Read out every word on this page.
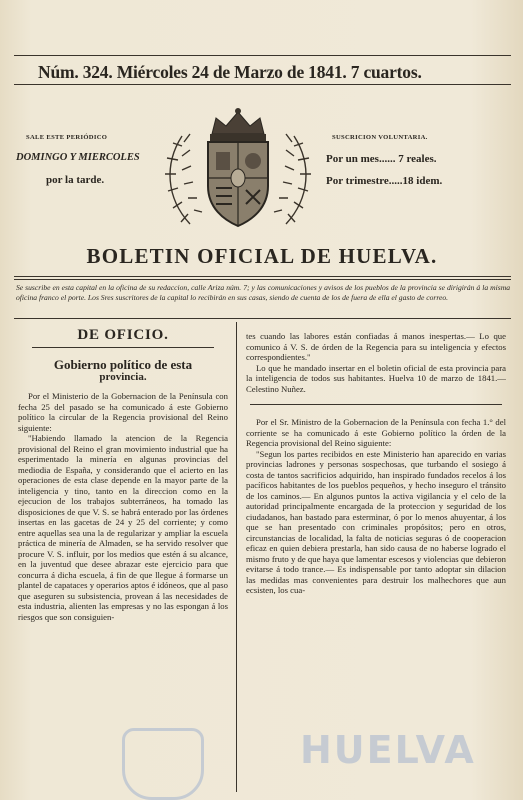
Núm. 324. Miércoles 24 de Marzo de 1841. 7 cuartos.
SALE ESTE PERIÓDICO
DOMINGO Y MIERCOLES
por la tarde.
SUSCRICION VOLUNTARIA.
Por un mes...... 7 reales.
Por trimestre.....18 idem.
BOLETIN OFICIAL DE HUELVA.
Se suscribe en esta capital en la oficina de su redaccion, calle Ariza núm. 7; y las comunicaciones y avisos de los pueblos de la provincia se dirigirán á la misma oficina franco el porte. Los Sres suscritores de la capital lo recibirán en sus casas, siendo de cuenta de los de fuera de ella el gasto de correo.
DE OFICIO.
Gobierno político de esta
provincia.

Por el Ministerio de la Gobernacion de la Península con fecha 25 del pasado se ha comunicado á este Gobierno político la circular de la Regencia provisional del Reino siguiente:

"Habiendo llamado la atencion de la Regencia provisional del Reino el gran movimiento industrial que ha esperimentado la minería en algunas provincias del mediodia de España, y considerando que el acierto en las operaciones de esta clase depende en la mayor parte de la inteligencia y tino, tanto en la direccion como en la ejecucion de los trabajos subterráneos, ha tomado las disposiciones de que V. S. se habrá enterado por las órdenes insertas en las gacetas de 24 y 25 del corriente; y como entre aquellas sea una la de regularizar y ampliar la escuela práctica de minería de Almaden, se ha servido resolver que procure V. S. influir, por los medios que estén á su alcance, en la juventud que desee abrazar este ejercicio para que concurra á dicha escuela, á fin de que llegue á formarse un plantel de capataces y operarios aptos é idóneos, que al paso que aseguren su subsistencia, provean á las necesidades de esta industria, alienten las empresas y no las espongan á los riesgos que son consiguien-

tes cuando las labores están confiadas á manos inespertas.— Lo que comunico á V. S. de órden de la Regencia para su inteligencia y efectos correspondientes."

Lo que he mandado insertar en el boletin oficial de esta provincia para la inteligencia de todos sus habitantes. Huelva 10 de marzo de 1841.— Celestino Nuñez.

Por el Sr. Ministro de la Gobernacion de la Península con fecha 1.° del corriente se ha comunicado á este Gobierno político la órden de la Regencia provisional del Reino siguiente:

"Segun los partes recibidos en este Ministerio han aparecido en varias provincias ladrones y personas sospechosas, que turbando el sosiego á costa de tantos sacrificios adquirido, han inspirado fundados recelos á los pacíficos habitantes de los pueblos pequeños, y hecho inseguro el tránsito de los caminos.— En algunos puntos la activa vigilancia y el celo de la autoridad principalmente encargada de la proteccion y seguridad de los ciudadanos, han bastado para esterminar, ó por lo menos ahuyentar, á los que se han presentado con criminales propósitos; pero en otros, circunstancias de localidad, la falta de noticias seguras ó de cooperacion eficaz en quien debiera prestarla, han sido causa de no haberse logrado el mismo fruto y de que haya que lamentar escesos y violencias que debieron evitarse á todo trance.— Es indispensable por tanto adoptar sin dilacion las medidas mas convenientes para destruir los malhechores que aun ecsisten, los cua-

HUELVA
